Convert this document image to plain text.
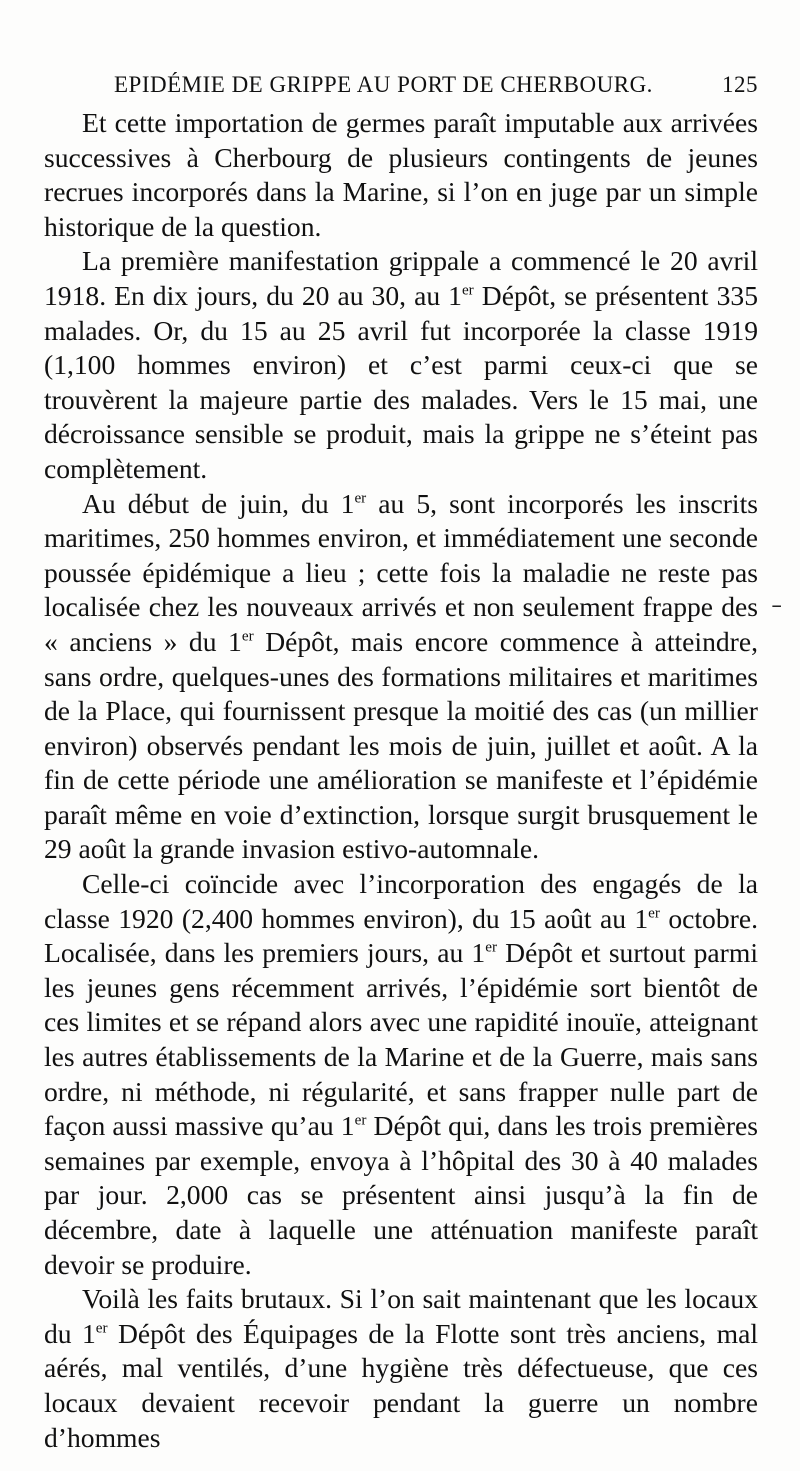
EPIDÉMIE DE GRIPPE AU PORT DE CHERBOURG.	125

Et cette importation de germes paraît imputable aux arrivées successives à Cherbourg de plusieurs contingents de jeunes recrues incorporés dans la Marine, si l’on en juge par un simple historique de la question.

La première manifestation grippale a commencé le 20 avril 1918. En dix jours, du 20 au 30, au 1er Dépôt, se présentent 335 malades. Or, du 15 au 25 avril fut incorporée la classe 1919 (1,100 hommes environ) et c’est parmi ceux-ci que se trouvèrent la majeure partie des malades. Vers le 15 mai, une décroissance sensible se produit, mais la grippe ne s’éteint pas complètement.

Au début de juin, du 1er au 5, sont incorporés les inscrits maritimes, 250 hommes environ, et immédiatement une seconde poussée épidémique a lieu ; cette fois la maladie ne reste pas localisée chez les nouveaux arrivés et non seulement frappe des « anciens » du 1er Dépôt, mais encore commence à atteindre, sans ordre, quelques-unes des formations militaires et maritimes de la Place, qui fournissent presque la moitié des cas (un millier environ) observés pendant les mois de juin, juillet et août. A la fin de cette période une amélioration se manifeste et l’épidémie paraît même en voie d’extinction, lorsque surgit brusquement le 29 août la grande invasion estivo-automnale.

Celle-ci coïncide avec l’incorporation des engagés de la classe 1920 (2,400 hommes environ), du 15 août au 1er octobre. Localisée, dans les premiers jours, au 1er Dépôt et surtout parmi les jeunes gens récemment arrivés, l’épidémie sort bientôt de ces limites et se répand alors avec une rapidité inouïe, atteignant les autres établissements de la Marine et de la Guerre, mais sans ordre, ni méthode, ni régularité, et sans frapper nulle part de façon aussi massive qu’au 1er Dépôt qui, dans les trois premières semaines par exemple, envoya à l’hôpital des 30 à 40 malades par jour. 2,000 cas se présentent ainsi jusqu’à la fin de décembre, date à laquelle une atténuation manifeste paraît devoir se produire.

Voilà les faits brutaux. Si l’on sait maintenant que les locaux du 1er Dépôt des Équipages de la Flotte sont très anciens, mal aérés, mal ventilés, d’une hygiène très défectueuse, que ces locaux devaient recevoir pendant la guerre un nombre d’hommes

˗
